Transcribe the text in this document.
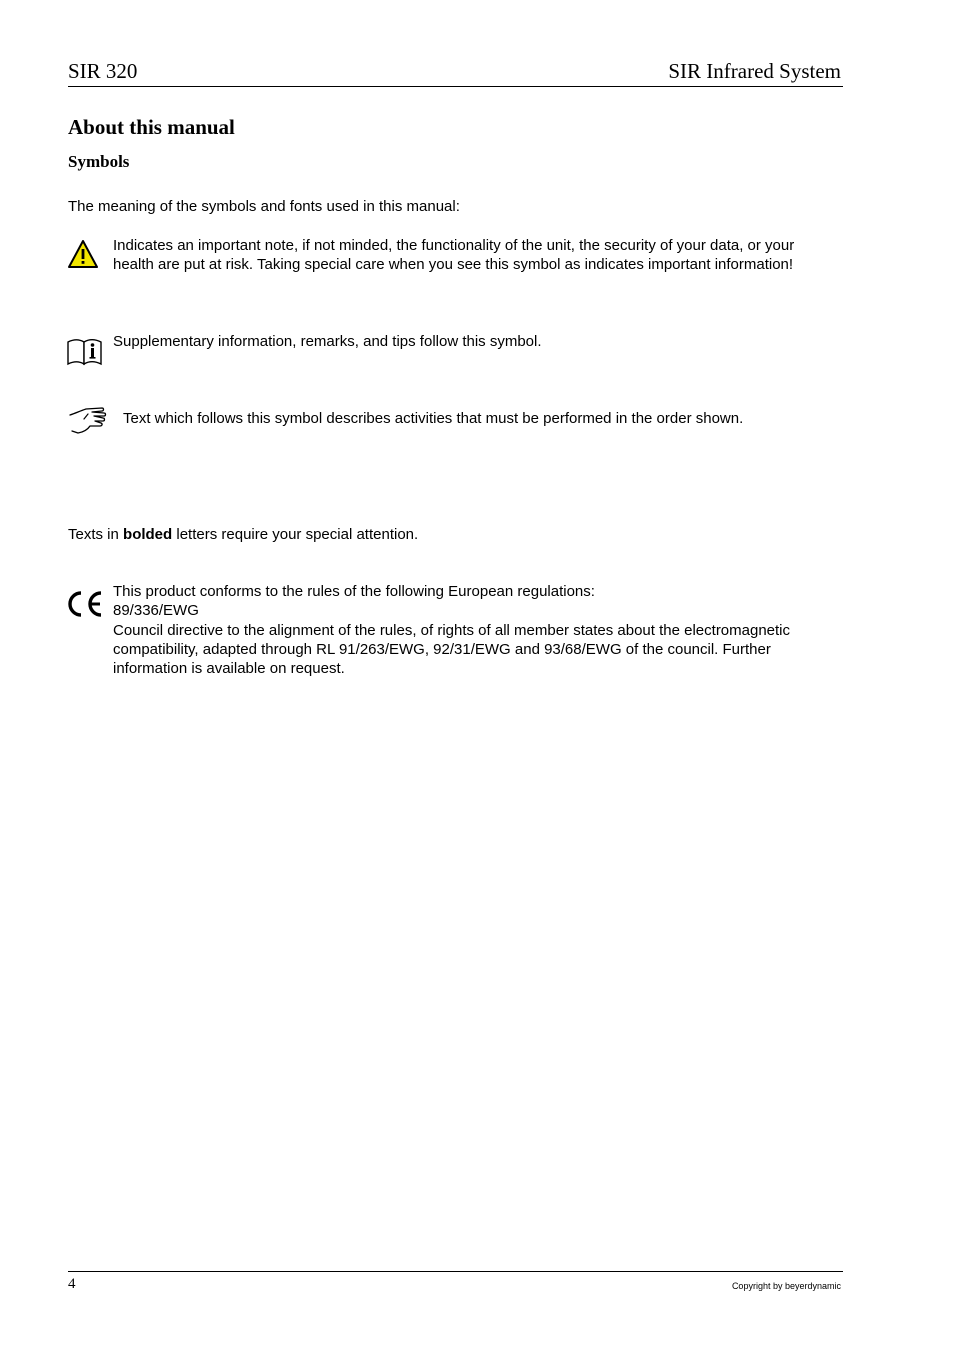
SIR 320	SIR Infrared System
About this manual
Symbols
The meaning of the symbols and fonts used in this manual:
Indicates an important note, if not minded, the functionality of the unit, the security of your data, or your health are put at risk. Taking special care when you see this symbol as indicates important information!
Supplementary information, remarks, and tips follow this symbol.
Text which follows this symbol describes activities that must be performed in the order shown.
Texts in bolded letters require your special attention.
This product conforms to the rules of the following European regulations:
89/336/EWG
Council directive to the alignment of the rules, of rights of all member states about the electromagnetic compatibility, adapted through RL 91/263/EWG, 92/31/EWG and 93/68/EWG of the council. Further information is available on request.
4	Copyright by beyerdynamic
